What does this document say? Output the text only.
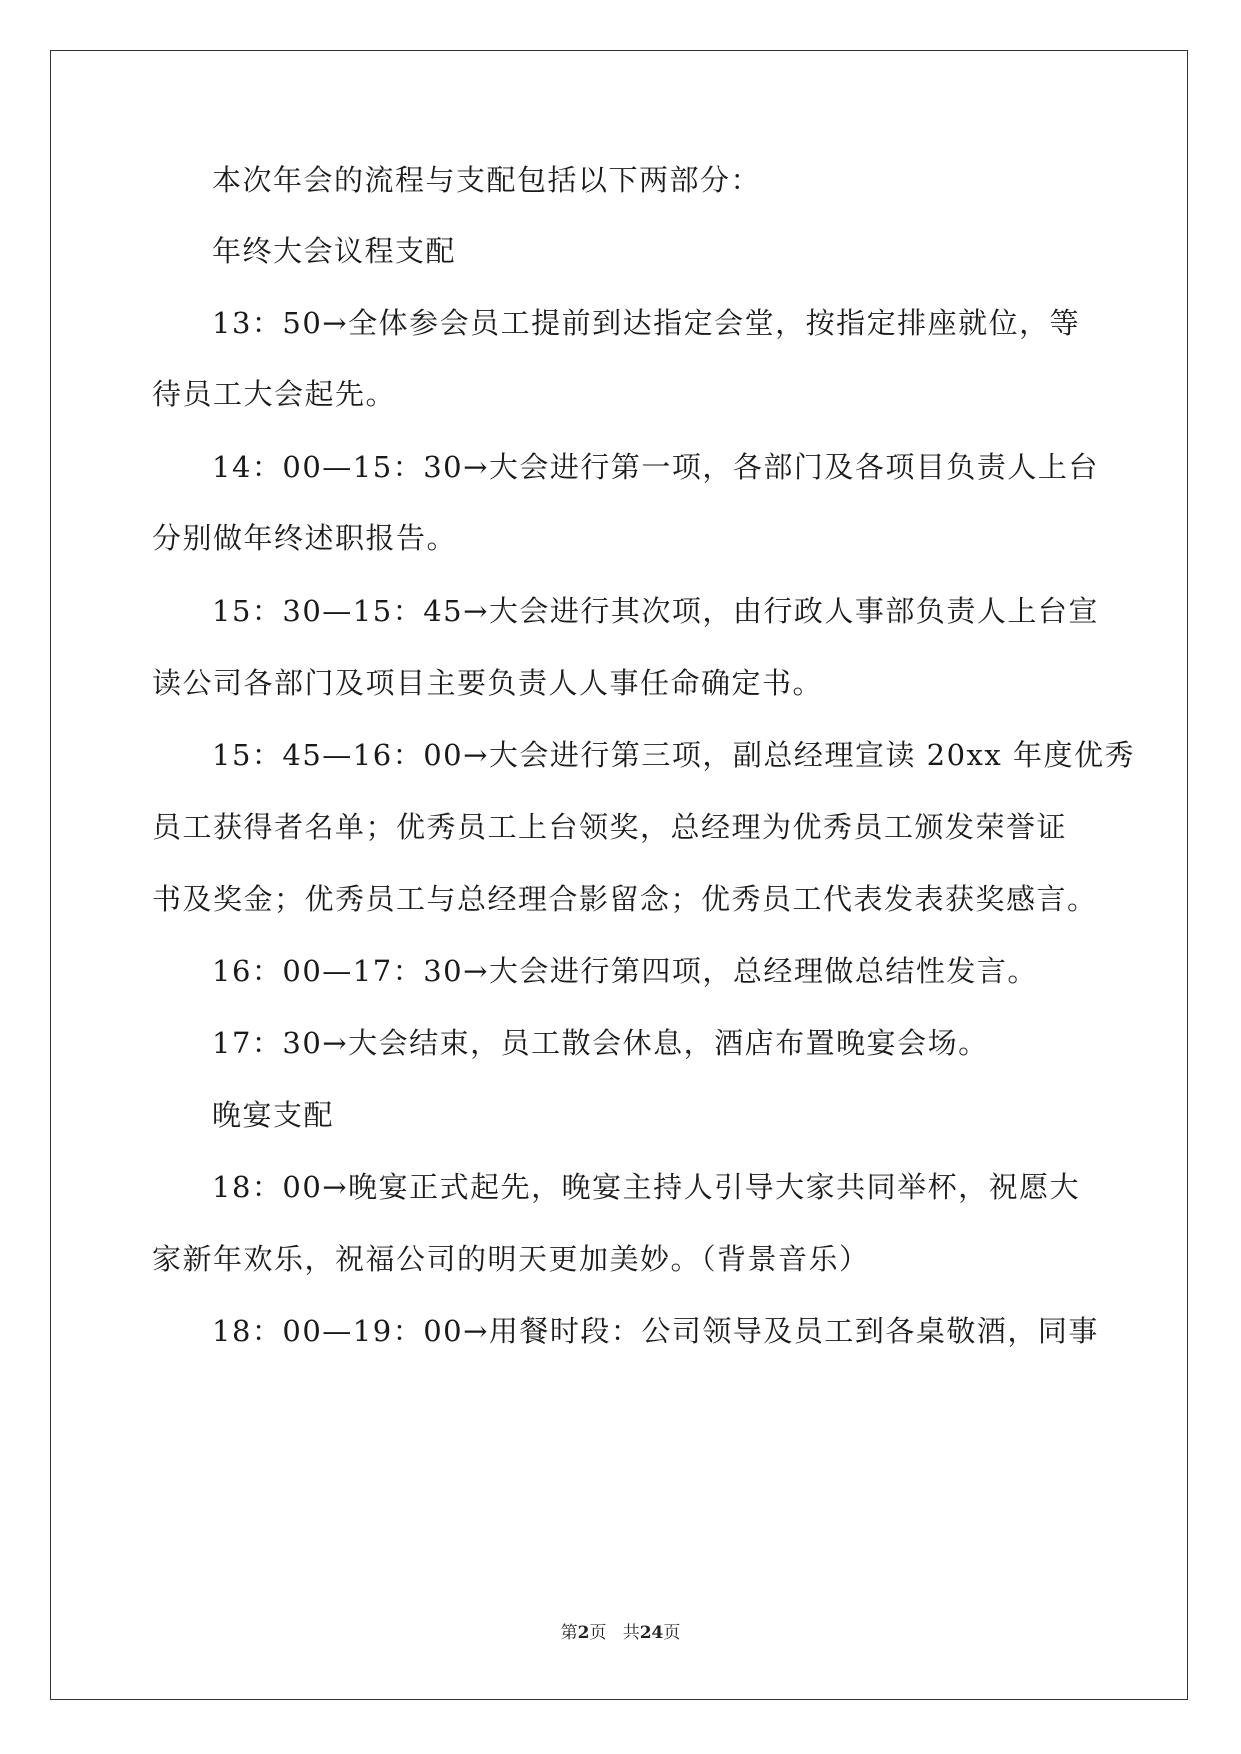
本次年会的流程与支配包括以下两部分：
年终大会议程支配
13：50→全体参会员工提前到达指定会堂，按指定排座就位，等
待员工大会起先。
14：00—15：30→大会进行第一项，各部门及各项目负责人上台
分别做年终述职报告。
15：30—15：45→大会进行其次项，由行政人事部负责人上台宣
读公司各部门及项目主要负责人人事任命确定书。
15：45—16：00→大会进行第三项，副总经理宣读 20xx 年度优秀
员工获得者名单；优秀员工上台领奖，总经理为优秀员工颁发荣誉证
书及奖金；优秀员工与总经理合影留念；优秀员工代表发表获奖感言。
16：00—17：30→大会进行第四项，总经理做总结性发言。
17：30→大会结束，员工散会休息，酒店布置晚宴会场。
晚宴支配
18：00→晚宴正式起先，晚宴主持人引导大家共同举杯，祝愿大
家新年欢乐，祝福公司的明天更加美妙。（背景音乐）
18：00—19：00→用餐时段：公司领导及员工到各桌敬酒，同事
第2页 共24页
